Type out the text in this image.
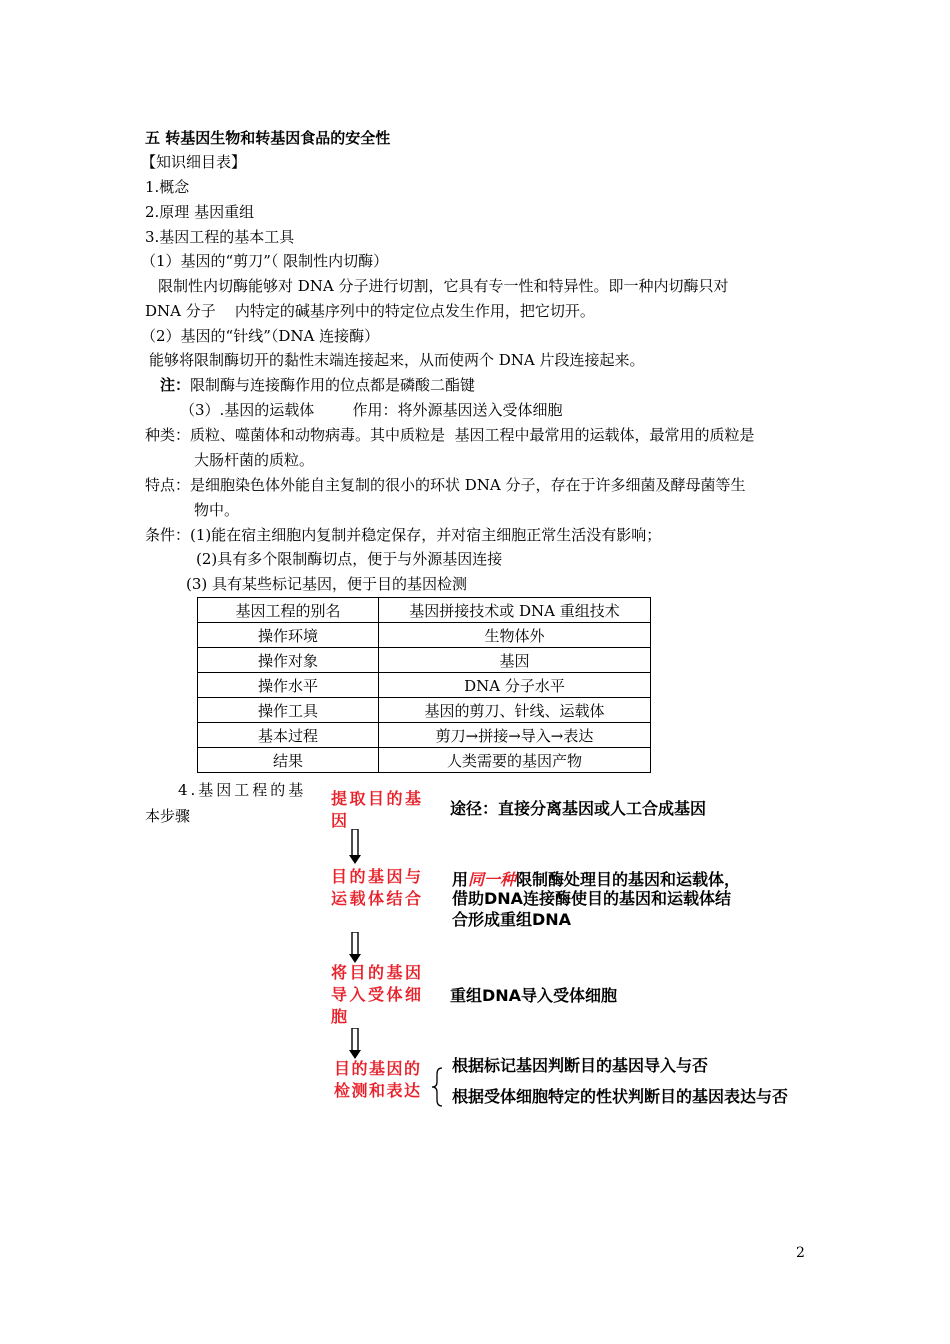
五 转基因生物和转基因食品的安全性
【知识细目表】
1.概念
2.原理 基因重组
3.基因工程的基本工具
（1）基因的“剪刀”（ 限制性内切酶）
限制性内切酶能够对 DNA 分子进行切割，它具有专一性和特异性。即一种内切酶只对
DNA 分子    内特定的碱基序列中的特定位点发生作用，把它切开。
（2）基因的“针线”（DNA 连接酶）
能够将限制酶切开的黏性末端连接起来，从而使两个 DNA 片段连接起来。
注：限制酶与连接酶作用的位点都是磷酸二酯键
（3）.基因的运载体        作用：将外源基因送入受体细胞
种类：质粒、噬菌体和动物病毒。其中质粒是  基因工程中最常用的运载体，最常用的质粒是
大肠杆菌的质粒。
特点：是细胞染色体外能自主复制的很小的环状 DNA 分子，存在于许多细菌及酵母菌等生
物中。
条件：(1)能在宿主细胞内复制并稳定保存，并对宿主细胞正常生活没有影响；
(2)具有多个限制酶切点，便于与外源基因连接
(3) 具有某些标记基因，便于目的基因检测
基因工程的别名	基因拼接技术或 DNA 重组技术
操作环境	生物体外
操作对象	基因
操作水平	DNA 分子水平
操作工具	基因的剪刀、针线、运载体
基本过程	剪刀→拼接→导入→表达
结果	人类需要的基因产物
4.基因工程的基
本步骤
提取目的基因
目的基因与运载体结合
将目的基因导入受体细胞
目的基因的检测和表达
途径：直接分离基因或人工合成基因
用同一种限制酶处理目的基因和运载体，
借助DNA连接酶使目的基因和运载体结
合形成重组DNA
重组DNA导入受体细胞
根据标记基因判断目的基因导入与否
根据受体细胞特定的性状判断目的基因表达与否
2
